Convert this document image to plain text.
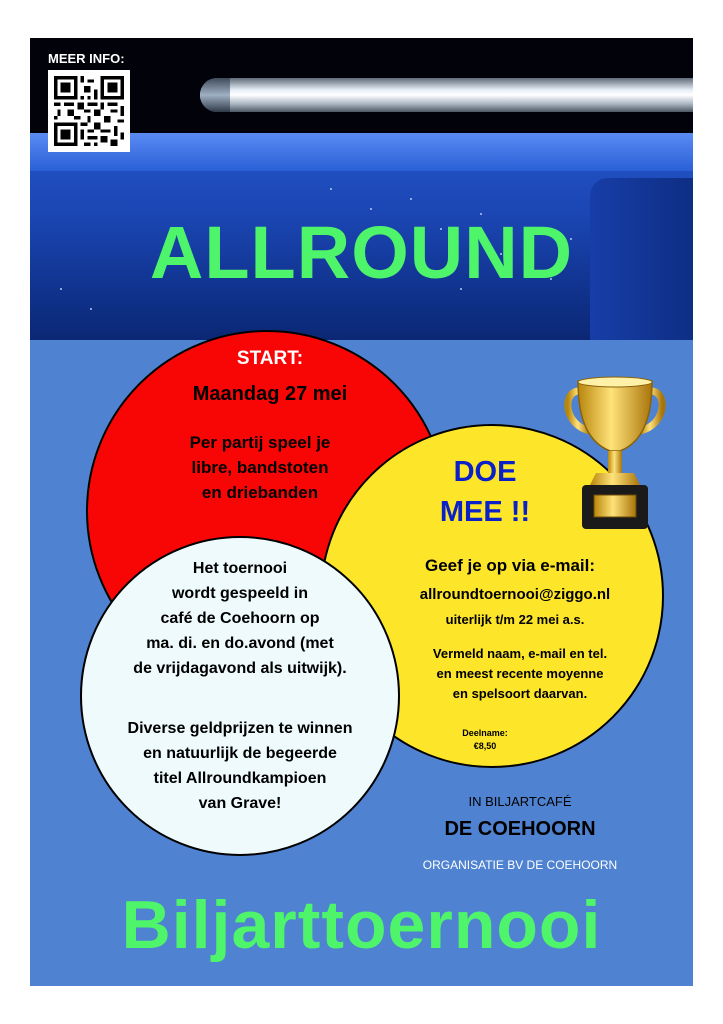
MEER INFO:
ALLROUND
START:
Maandag 27 mei
Per partij speel je
libre, bandstoten
en driebanden
DOE
MEE !!
Geef je op via e-mail:
allroundtoernooi@ziggo.nl
uiterlijk t/m 22 mei a.s.
Vermeld naam, e-mail en tel.
en meest recente moyenne
en spelsoort daarvan.
Deelname:
€8,50
Het toernooi
wordt gespeeld in
café de Coehoorn op
ma. di. en do.avond (met
de vrijdagavond als uitwijk).
Diverse geldprijzen te winnen
en natuurlijk de begeerde
titel Allroundkampioen
van Grave!	IN BILJARTCAFÉ
DE COEHOORN
ORGANISATIE BV DE COEHOORN
Biljarttoernooi
